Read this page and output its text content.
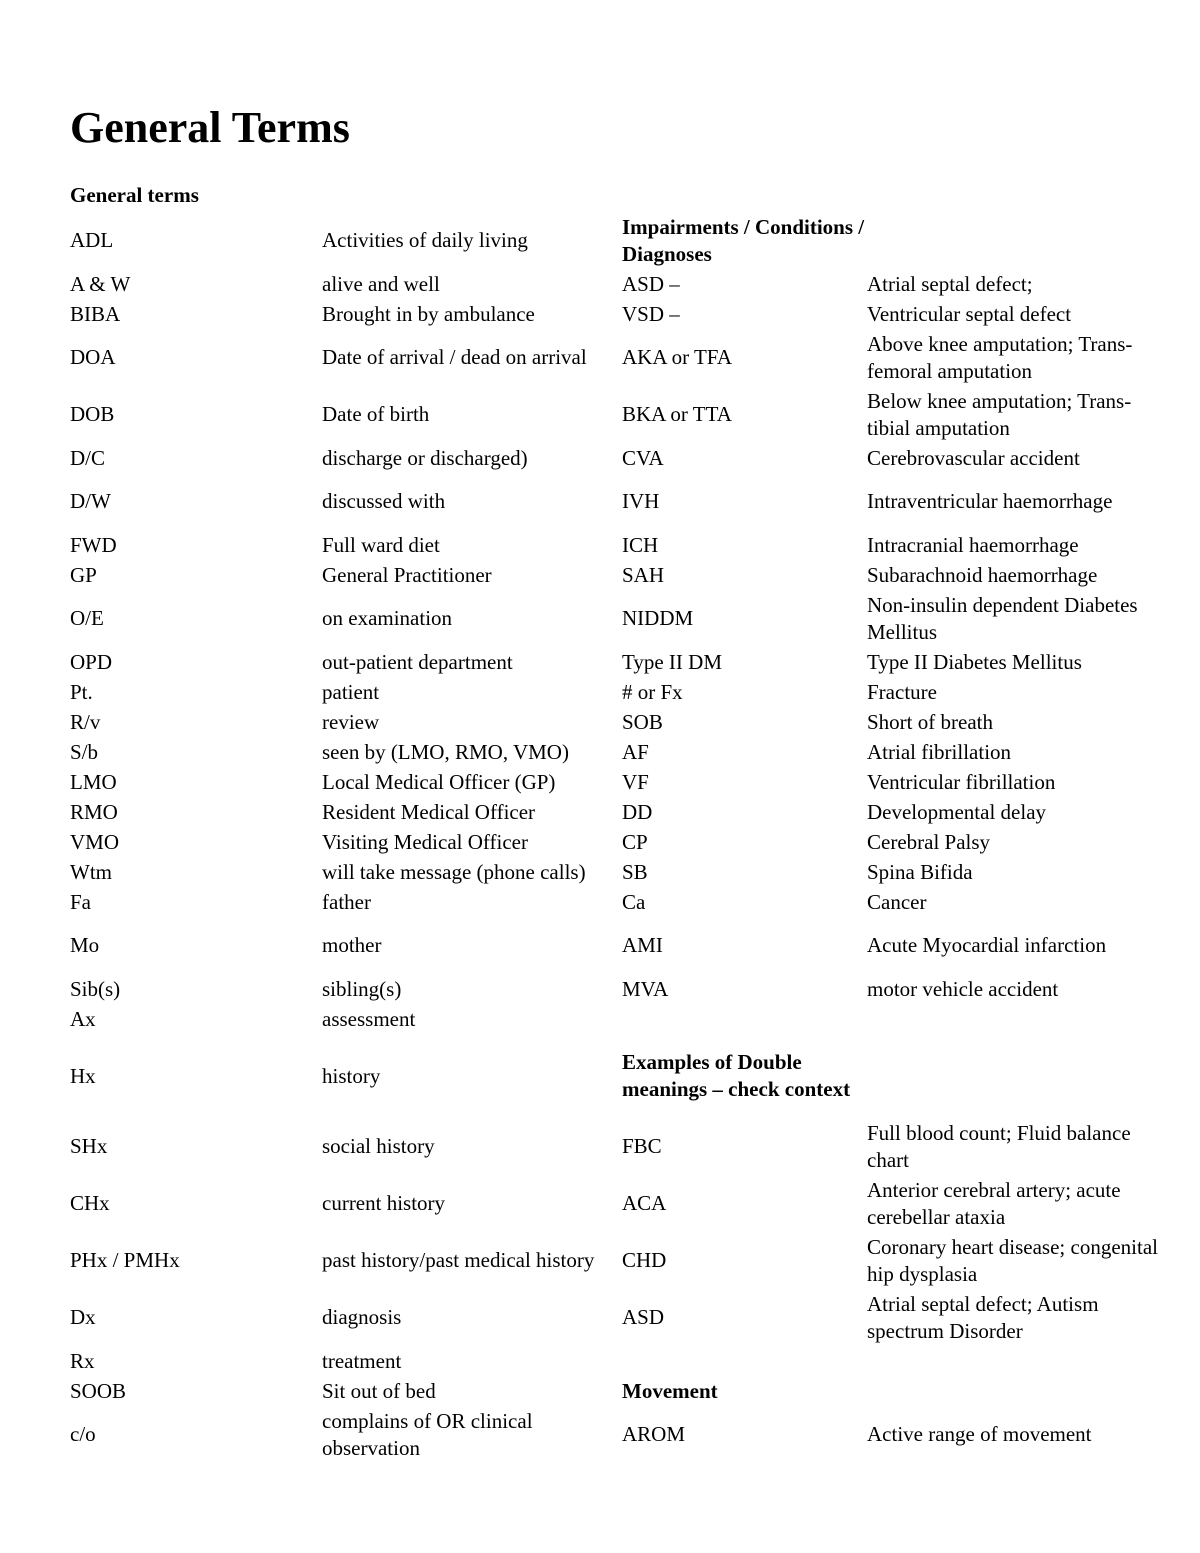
General Terms
General terms
ADL	Activities of daily living	Impairments / Conditions / Diagnoses	
A & W	alive and well	ASD –	Atrial septal defect;
BIBA	Brought in by ambulance	VSD –	Ventricular septal defect
DOA	Date of arrival / dead on arrival	AKA or TFA	Above knee amputation; Trans-femoral amputation
DOB	Date of birth	BKA or TTA	Below knee amputation; Trans-tibial amputation
D/C	discharge or discharged)	CVA	Cerebrovascular accident
D/W	discussed with	IVH	Intraventricular haemorrhage
FWD	Full ward diet	ICH	Intracranial haemorrhage
GP	General Practitioner	SAH	Subarachnoid haemorrhage
O/E	on examination	NIDDM	Non-insulin dependent Diabetes Mellitus
OPD	out-patient department	Type II DM	Type II Diabetes Mellitus
Pt.	patient	# or Fx	Fracture
R/v	review	SOB	Short of breath
S/b	seen by (LMO, RMO, VMO)	AF	Atrial fibrillation
LMO	Local Medical Officer (GP)	VF	Ventricular fibrillation
RMO	Resident Medical Officer	DD	Developmental delay
VMO	Visiting Medical Officer	CP	Cerebral Palsy
Wtm	will take message (phone calls)	SB	Spina Bifida
Fa	father	Ca	Cancer
Mo	mother	AMI	Acute Myocardial infarction
Sib(s)	sibling(s)	MVA	motor vehicle accident
Ax	assessment		
Hx	history	Examples of Double meanings – check context	
SHx	social history	FBC	Full blood count; Fluid balance chart
CHx	current history	ACA	Anterior cerebral artery; acute cerebellar ataxia
PHx / PMHx	past history/past medical history	CHD	Coronary heart disease; congenital hip dysplasia
Dx	diagnosis	ASD	Atrial septal defect; Autism spectrum Disorder
Rx	treatment		
SOOB	Sit out of bed	Movement	
c/o	complains of OR clinical observation	AROM	Active range of movement
